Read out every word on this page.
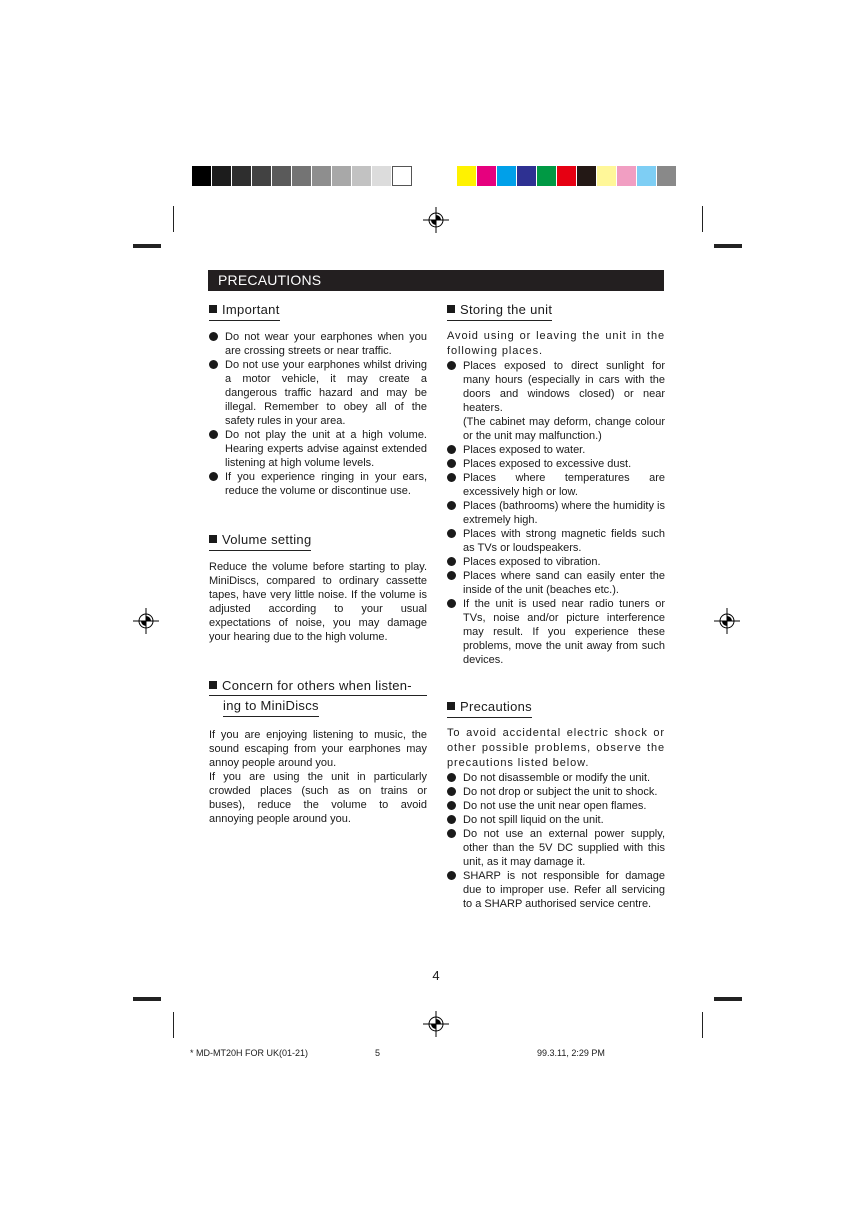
PRECAUTIONS
Important
Do not wear your earphones when you are crossing streets or near traffic.
Do not use your earphones whilst driving a motor vehicle, it may create a dangerous traffic hazard and may be illegal. Remember to obey all of the safety rules in your area.
Do not play the unit at a high volume. Hearing experts advise against extended listening at high volume levels.
If you experience ringing in your ears, reduce the volume or discontinue use.
Volume setting

Reduce the volume before starting to play. MiniDiscs, compared to ordinary cassette tapes, have very little noise. If the volume is adjusted according to your usual expectations of noise, you may damage your hearing due to the high volume.

Concern for others when listen-
ing to MiniDiscs

If you are enjoying listening to music, the sound escaping from your earphones may annoy people around you.
If you are using the unit in particularly crowded places (such as on trains or buses), reduce the volume to avoid annoying people around you.

Storing the unit

Avoid using or leaving the unit in the following places.

Places exposed to direct sunlight for many hours (especially in cars with the doors and windows closed) or near heaters.
(The cabinet may deform, change colour or the unit may malfunction.)
Places exposed to water.
Places exposed to excessive dust.
Places where temperatures are excessively high or low.
Places (bathrooms) where the humidity is extremely high.
Places with strong magnetic fields such as TVs or loudspeakers.
Places exposed to vibration.
Places where sand can easily enter the inside of the unit (beaches etc.).
If the unit is used near radio tuners or TVs, noise and/or picture interference may result. If you experience these problems, move the unit away from such devices.
Precautions

To avoid accidental electric shock or other possible problems, observe the precautions listed below.

Do not disassemble or modify the unit.
Do not drop or subject the unit to shock.
Do not use the unit near open flames.
Do not spill liquid on the unit.
Do not use an external power supply, other than the 5V DC supplied with this unit, as it may damage it.
SHARP is not responsible for damage due to improper use. Refer all servicing to a SHARP authorised service centre.
4
* MD-MT20H FOR UK(01-21)	5	99.3.11, 2:29 PM
